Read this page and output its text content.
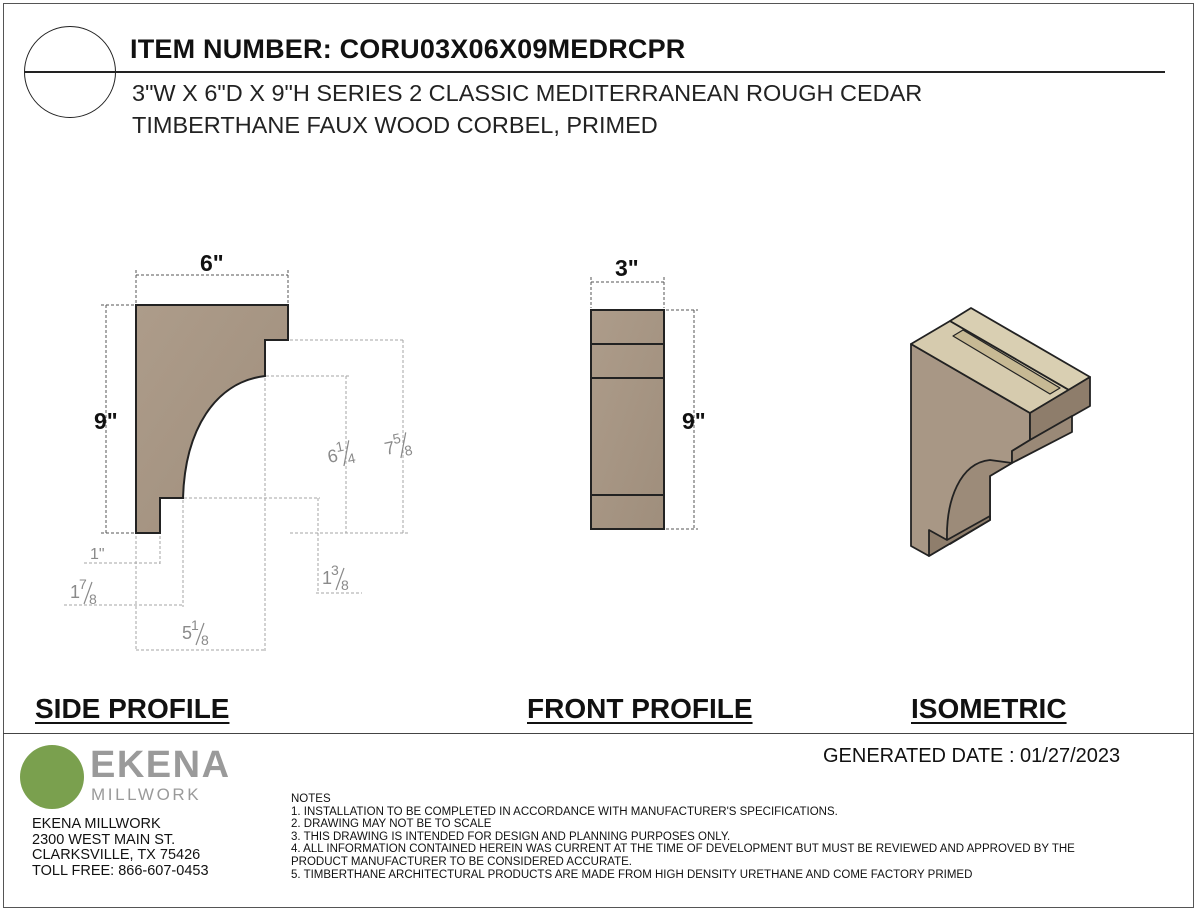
ITEM NUMBER: CORU03X06X09MEDRCPR
3"W X 6"D X 9"H SERIES 2 CLASSIC MEDITERRANEAN ROUGH CEDAR
TIMBERTHANE FAUX WOOD CORBEL, PRIMED
6"
9"
1"
7
5
8
6
1
4
1
3
8
1
7
8
5
1
8
3"
9"
SIDE PROFILE	FRONT PROFILE	ISOMETRIC
GENERATED DATE : 01/27/2023
EKENA
MILLWORK
EKENA MILLWORK
2300 WEST MAIN ST.
CLARKSVILLE, TX 75426
TOLL FREE: 866-607-0453
NOTES
1. INSTALLATION TO BE COMPLETED IN ACCORDANCE WITH MANUFACTURER'S SPECIFICATIONS.
2. DRAWING MAY NOT BE TO SCALE
3. THIS DRAWING IS INTENDED FOR DESIGN AND PLANNING PURPOSES ONLY.
4. ALL INFORMATION CONTAINED HEREIN WAS CURRENT AT THE TIME OF DEVELOPMENT BUT MUST BE REVIEWED AND APPROVED BY THE
PRODUCT MANUFACTURER TO BE CONSIDERED ACCURATE.
5. TIMBERTHANE ARCHITECTURAL PRODUCTS ARE MADE FROM HIGH DENSITY URETHANE AND COME FACTORY PRIMED
